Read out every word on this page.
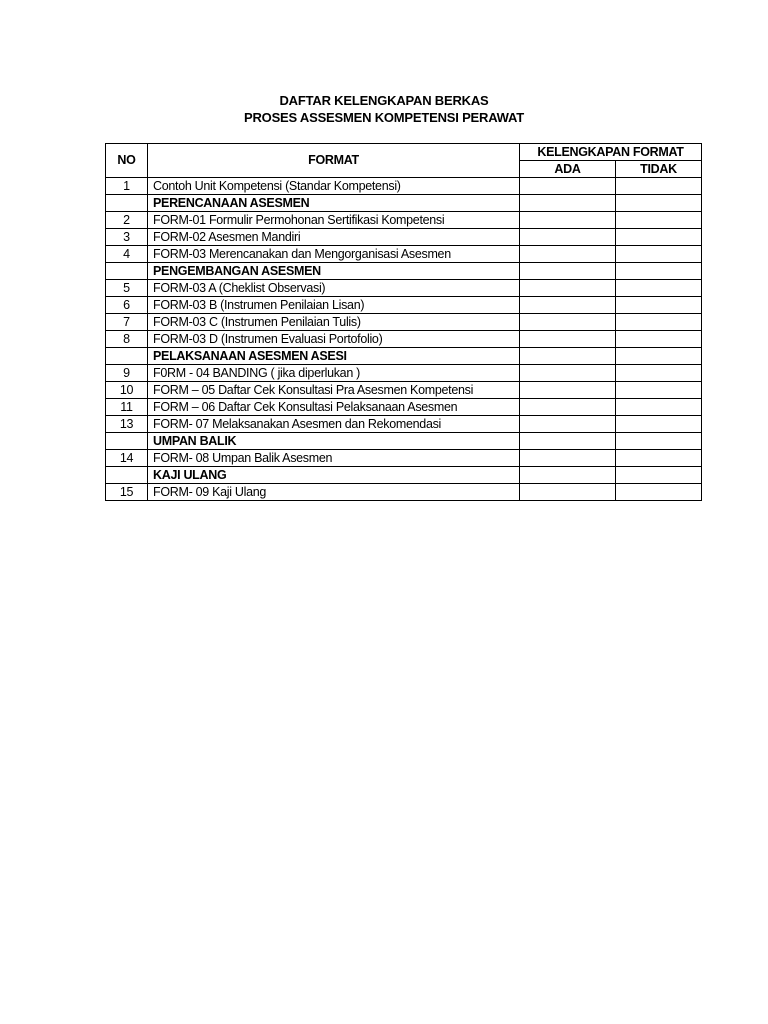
DAFTAR KELENGKAPAN BERKAS
PROSES ASSESMEN KOMPETENSI PERAWAT
NO	FORMAT	KELENGKAPAN FORMAT	
		ADA	TIDAK
1	Contoh Unit Kompetensi (Standar Kompetensi)		
	PERENCANAAN ASESMEN		
2	FORM-01 Formulir Permohonan Sertifikasi Kompetensi		
3	FORM-02 Asesmen Mandiri		
4	FORM-03 Merencanakan dan Mengorganisasi Asesmen		
	PENGEMBANGAN ASESMEN		
5	FORM-03 A (Cheklist Observasi)		
6	FORM-03 B (Instrumen Penilaian Lisan)		
7	FORM-03 C (Instrumen Penilaian Tulis)		
8	FORM-03 D (Instrumen Evaluasi Portofolio)		
	PELAKSANAAN ASESMEN ASESI		
9	F0RM - 04 BANDING ( jika diperlukan )		
10	FORM – 05 Daftar Cek Konsultasi Pra Asesmen Kompetensi		
11	FORM – 06 Daftar Cek Konsultasi Pelaksanaan Asesmen		
13	FORM- 07 Melaksanakan Asesmen dan Rekomendasi		
	UMPAN BALIK		
14	FORM- 08 Umpan Balik Asesmen		
	KAJI ULANG		
15	FORM- 09 Kaji Ulang		
